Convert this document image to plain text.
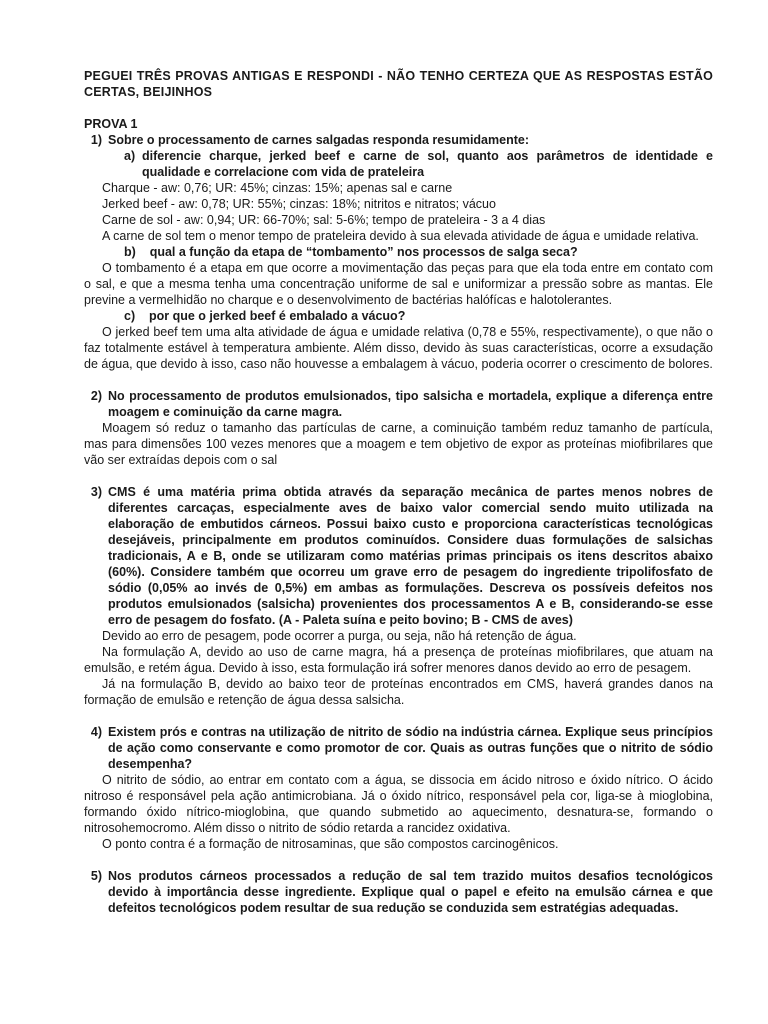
PEGUEI TRÊS PROVAS ANTIGAS E RESPONDI - NÃO TENHO CERTEZA QUE AS RESPOSTAS ESTÃO CERTAS, BEIJINHOS

PROVA 1

1) Sobre o processamento de carnes salgadas responda resumidamente:
a) diferencie charque, jerked beef e carne de sol, quanto aos parâmetros de identidade e qualidade e correlacione com vida de prateleira

Charque - aw: 0,76; UR: 45%; cinzas: 15%; apenas sal e carne

Jerked beef - aw: 0,78; UR: 55%; cinzas: 18%; nitritos e nitratos; vácuo

Carne de sol - aw: 0,94; UR: 66-70%; sal: 5-6%; tempo de prateleira - 3 a 4 dias

A carne de sol tem o menor tempo de prateleira devido à sua elevada atividade de água e umidade relativa.

b)    qual a função da etapa de “tombamento” nos processos de salga seca?

O tombamento é a etapa em que ocorre a movimentação das peças para que ela toda entre em contato com o sal, e que a mesma tenha uma concentração uniforme de sal e uniformizar a pressão sobre as mantas. Ele previne a vermelhidão no charque e o desenvolvimento de bactérias halófícas e halotolerantes.

c)    por que o jerked beef é embalado a vácuo?

O jerked beef tem uma alta atividade de água e umidade relativa (0,78 e 55%, respectivamente), o que não o faz totalmente estável à temperatura ambiente. Além disso, devido às suas características, ocorre a exsudação de água, que devido à isso, caso não houvesse a embalagem à vácuo, poderia ocorrer o crescimento de bolores.

2) No processamento de produtos emulsionados, tipo salsicha e mortadela, explique a diferença entre moagem e cominuição da carne magra.

Moagem só reduz o tamanho das partículas de carne, a cominuição também reduz tamanho de partícula, mas para dimensões 100 vezes menores que a moagem e tem objetivo de expor as proteínas miofibrilares que vão ser extraídas depois com o sal

3) CMS é uma matéria prima obtida através da separação mecânica de partes menos nobres de diferentes carcaças, especialmente aves de baixo valor comercial sendo muito utilizada na elaboração de embutidos cárneos. Possui baixo custo e proporciona características tecnológicas desejáveis, principalmente em produtos cominuídos. Considere duas formulações de salsichas tradicionais, A e B, onde se utilizaram como matérias primas principais os itens descritos abaixo (60%). Considere também que ocorreu um grave erro de pesagem do ingrediente tripolifosfato de sódio (0,05% ao invés de 0,5%) em ambas as formulações. Descreva os possíveis defeitos nos produtos emulsionados (salsicha) provenientes dos processamentos A e B, considerando-se esse erro de pesagem do fosfato. (A - Paleta suína e peito bovino; B - CMS de aves)

Devido ao erro de pesagem, pode ocorrer a purga, ou seja, não há retenção de água.

Na formulação A, devido ao uso de carne magra, há a presença de proteínas miofibrilares, que atuam na emulsão, e retém água. Devido à isso, esta formulação irá sofrer menores danos devido ao erro de pesagem.

Já na formulação B, devido ao baixo teor de proteínas encontrados em CMS, haverá grandes danos na formação de emulsão e retenção de água dessa salsicha.

4) Existem prós e contras na utilização de nitrito de sódio na indústria cárnea. Explique seus princípios de ação como conservante e como promotor de cor. Quais as outras funções que o nitrito de sódio desempenha?

O nitrito de sódio, ao entrar em contato com a água, se dissocia em ácido nitroso e óxido nítrico. O ácido nitroso é responsável pela ação antimicrobiana. Já o óxido nítrico, responsável pela cor, liga-se à mioglobina, formando óxido nítrico-mioglobina, que quando submetido ao aquecimento, desnatura-se, formando o nitrosohemocromo. Além disso o nitrito de sódio retarda a rancidez oxidativa.

O ponto contra é a formação de nitrosaminas, que são compostos carcinogênicos.

5) Nos produtos cárneos processados a redução de sal tem trazido muitos desafios tecnológicos devido à importância desse ingrediente. Explique qual o papel e efeito na emulsão cárnea e que defeitos tecnológicos podem resultar de sua redução se conduzida sem estratégias adequadas.
